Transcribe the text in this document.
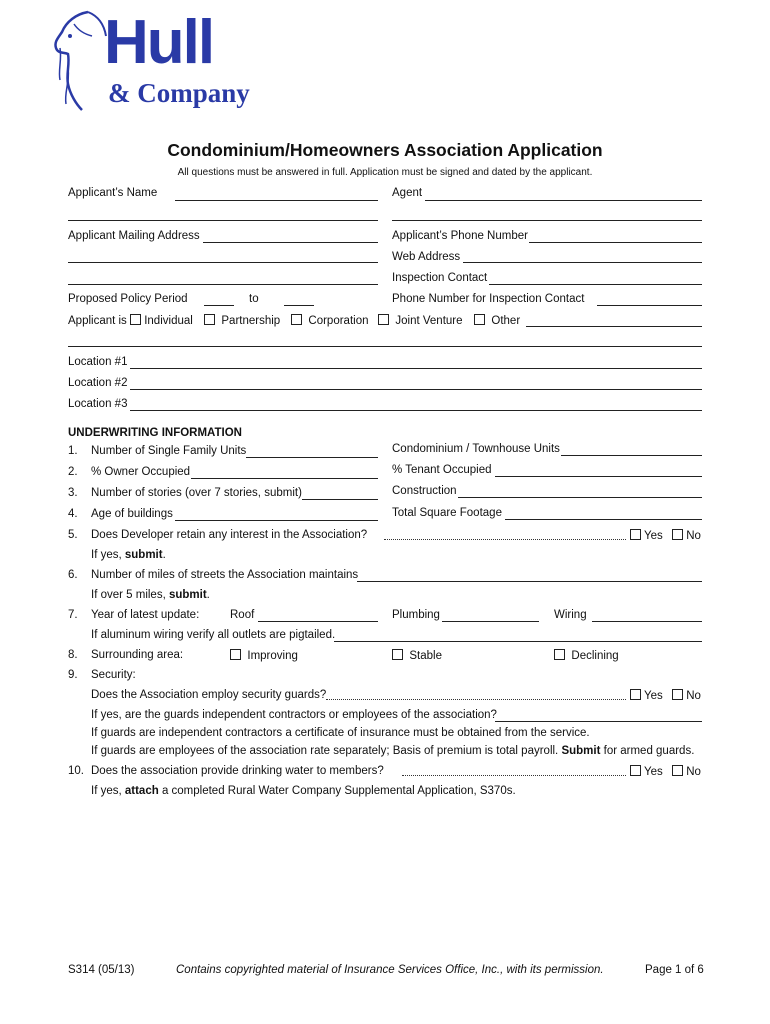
Hull
& Company
Condominium/Homeowners Association Application
All questions must be answered in full. Application must be signed and dated by the applicant.
Applicant’s Name	Agent
Applicant Mailing Address	Applicant’s Phone Number
Web Address
Inspection Contact
Proposed Policy Period	to	Phone Number for Inspection Contact
Applicant is Individual	Partnership	Corporation	Joint Venture	Other
Location #1
Location #2
Location #3
UNDERWRITING INFORMATION
1. Number of Single Family Units	Condominium / Townhouse Units
2. % Owner Occupied	% Tenant Occupied
3. Number of stories (over 7 stories, submit)	Construction
4. Age of buildings	Total Square Footage
5. Does Developer retain any interest in the Association?	Yes	No
If yes, submit.
6. Number of miles of streets the Association maintains
If over 5 miles, submit.
7. Year of latest update:	Roof	Plumbing	Wiring
If aluminum wiring verify all outlets are pigtailed.
8. Surrounding area:	Improving	Stable	Declining
9. Security:
Does the Association employ security guards?	Yes	No
If yes, are the guards independent contractors or employees of the association?
If guards are independent contractors a certificate of insurance must be obtained from the service.
If guards are employees of the association rate separately; Basis of premium is total payroll. Submit for armed guards.
10. Does the association provide drinking water to members?	Yes	No
If yes, attach a completed Rural Water Company Supplemental Application, S370s.
S314 (05/13)	Contains copyrighted material of Insurance Services Office, Inc., with its permission.	Page 1 of 6
